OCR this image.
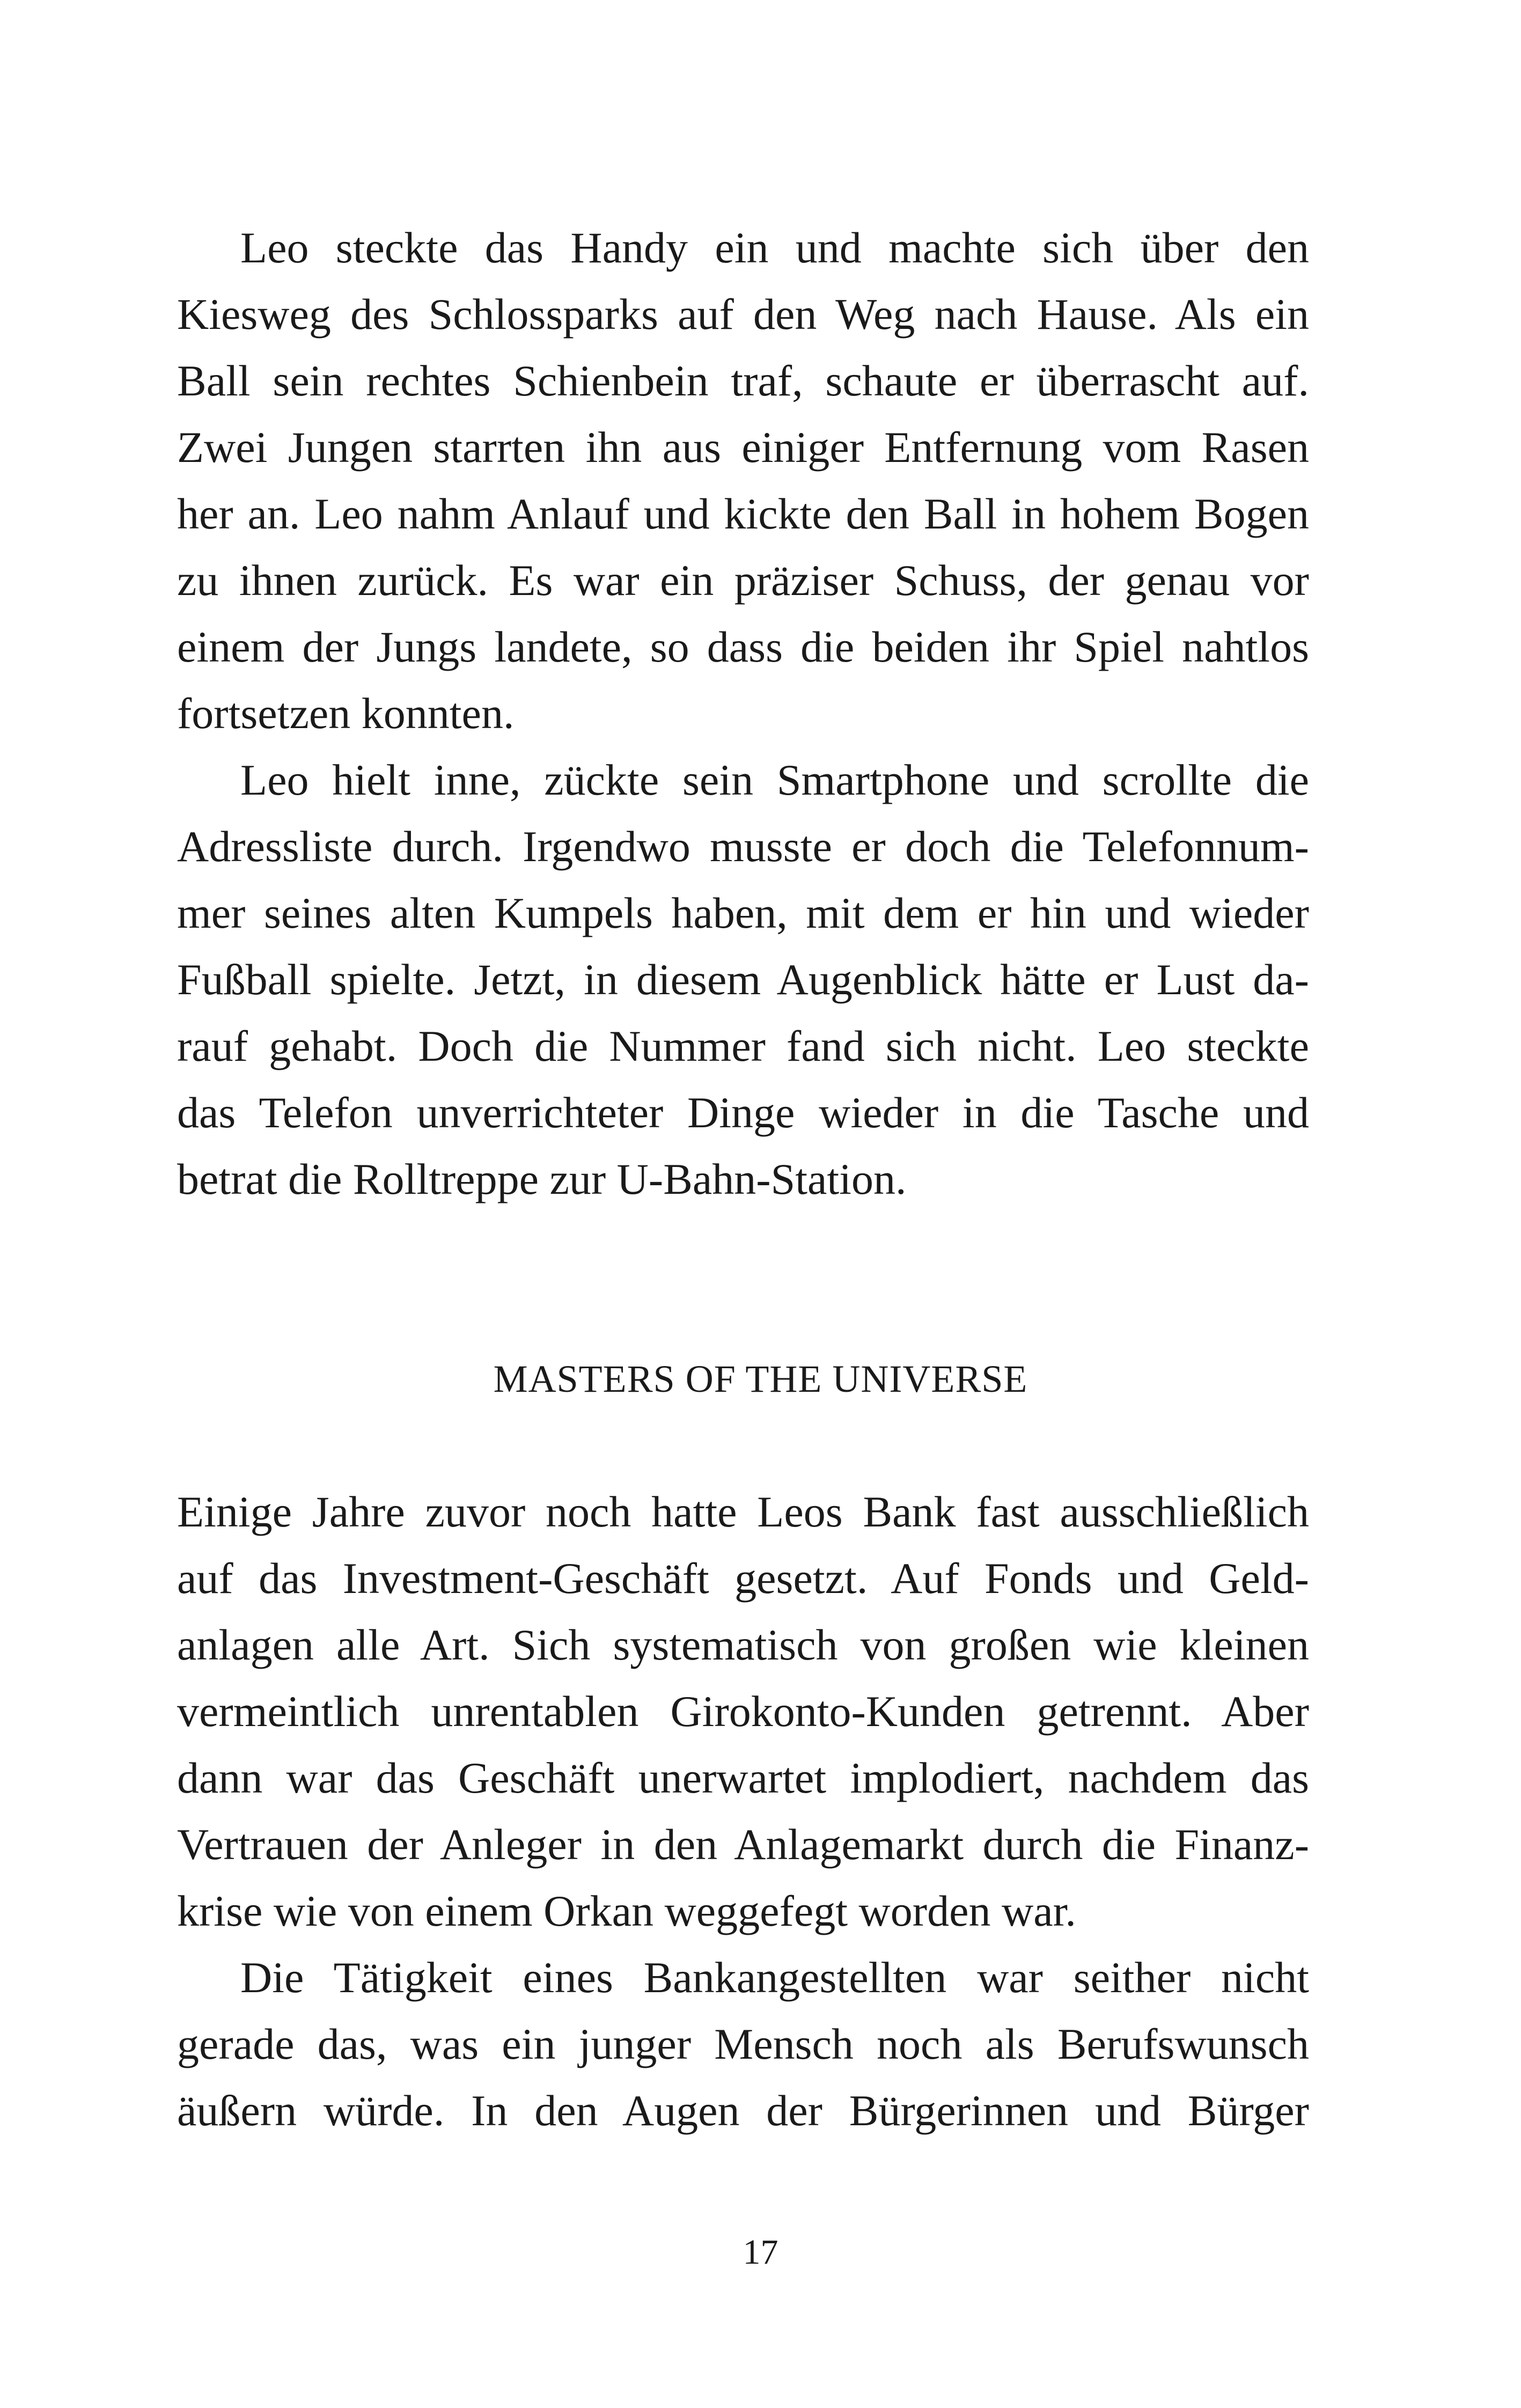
Leo steckte das Handy ein und machte sich über den
Kiesweg des Schlossparks auf den Weg nach Hause. Als ein
Ball sein rechtes Schienbein traf, schaute er überrascht auf.
Zwei Jungen starrten ihn aus einiger Entfernung vom Rasen
her an. Leo nahm Anlauf und kickte den Ball in hohem Bogen
zu ihnen zurück. Es war ein präziser Schuss, der genau vor
einem der Jungs landete, so dass die beiden ihr Spiel nahtlos
fortsetzen konnten.
Leo hielt inne, zückte sein Smartphone und scrollte die
Adressliste durch. Irgendwo musste er doch die Telefonnum-
mer seines alten Kumpels haben, mit dem er hin und wieder
Fußball spielte. Jetzt, in diesem Augenblick hätte er Lust da-
rauf gehabt. Doch die Nummer fand sich nicht. Leo steckte
das Telefon unverrichteter Dinge wieder in die Tasche und
betrat die Rolltreppe zur U-Bahn-Station.
MASTERS OF THE UNIVERSE
Einige Jahre zuvor noch hatte Leos Bank fast ausschließlich
auf das Investment-Geschäft gesetzt. Auf Fonds und Geld-
anlagen alle Art. Sich systematisch von großen wie kleinen
vermeintlich unrentablen Girokonto-Kunden getrennt. Aber
dann war das Geschäft unerwartet implodiert, nachdem das
Vertrauen der Anleger in den Anlagemarkt durch die Finanz-
krise wie von einem Orkan weggefegt worden war.
Die Tätigkeit eines Bankangestellten war seither nicht
gerade das, was ein junger Mensch noch als Berufswunsch
äußern würde. In den Augen der Bürgerinnen und Bürger
17
